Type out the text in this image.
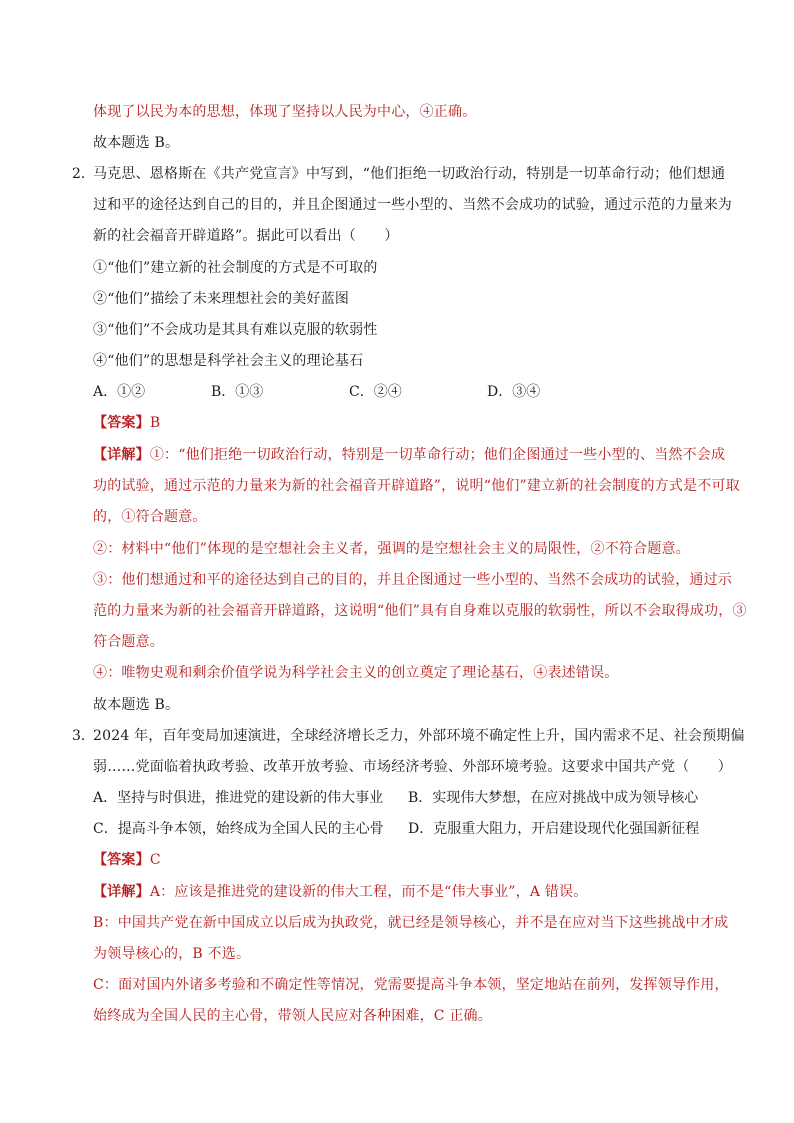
体现了以民为本的思想，体现了坚持以人民为中心，④正确。
故本题选 B。
2．
马克思、恩格斯在《共产党宣言》中写到，“他们拒绝一切政治行动，特别是一切革命行动；他们想通
过和平的途径达到自己的目的，并且企图通过一些小型的、当然不会成功的试验，通过示范的力量来为
新的社会福音开辟道路”。据此可以看出（　　）
①“他们”建立新的社会制度的方式是不可取的
②“他们”描绘了未来理想社会的美好蓝图
③“他们”不会成功是其具有难以克服的软弱性
④“他们”的思想是科学社会主义的理论基石
A．①②	B．①③	C．②④	D．③④
【答案】B
【详解】①：“他们拒绝一切政治行动，特别是一切革命行动；他们企图通过一些小型的、当然不会成
功的试验，通过示范的力量来为新的社会福音开辟道路”，说明“他们”建立新的社会制度的方式是不可取
的，①符合题意。
②：材料中“他们”体现的是空想社会主义者，强调的是空想社会主义的局限性，②不符合题意。
③：他们想通过和平的途径达到自己的目的，并且企图通过一些小型的、当然不会成功的试验，通过示
范的力量来为新的社会福音开辟道路，这说明“他们”具有自身难以克服的软弱性，所以不会取得成功，③
符合题意。
④：唯物史观和剩余价值学说为科学社会主义的创立奠定了理论基石，④表述错误。
故本题选 B。
3．
2024 年，百年变局加速演进，全球经济增长乏力，外部环境不确定性上升，国内需求不足、社会预期偏
弱……党面临着执政考验、改革开放考验、市场经济考验、外部环境考验。这要求中国共产党（　　）
A．坚持与时俱进，推进党的建设新的伟大事业 B．实现伟大梦想，在应对挑战中成为领导核心
C．提高斗争本领，始终成为全国人民的主心骨 D．克服重大阻力，开启建设现代化强国新征程
【答案】C
【详解】A：应该是推进党的建设新的伟大工程，而不是“伟大事业”，A 错误。
B：中国共产党在新中国成立以后成为执政党，就已经是领导核心，并不是在应对当下这些挑战中才成
为领导核心的，B 不选。
C：面对国内外诸多考验和不确定性等情况，党需要提高斗争本领，坚定地站在前列，发挥领导作用，
始终成为全国人民的主心骨，带领人民应对各种困难，C 正确。
